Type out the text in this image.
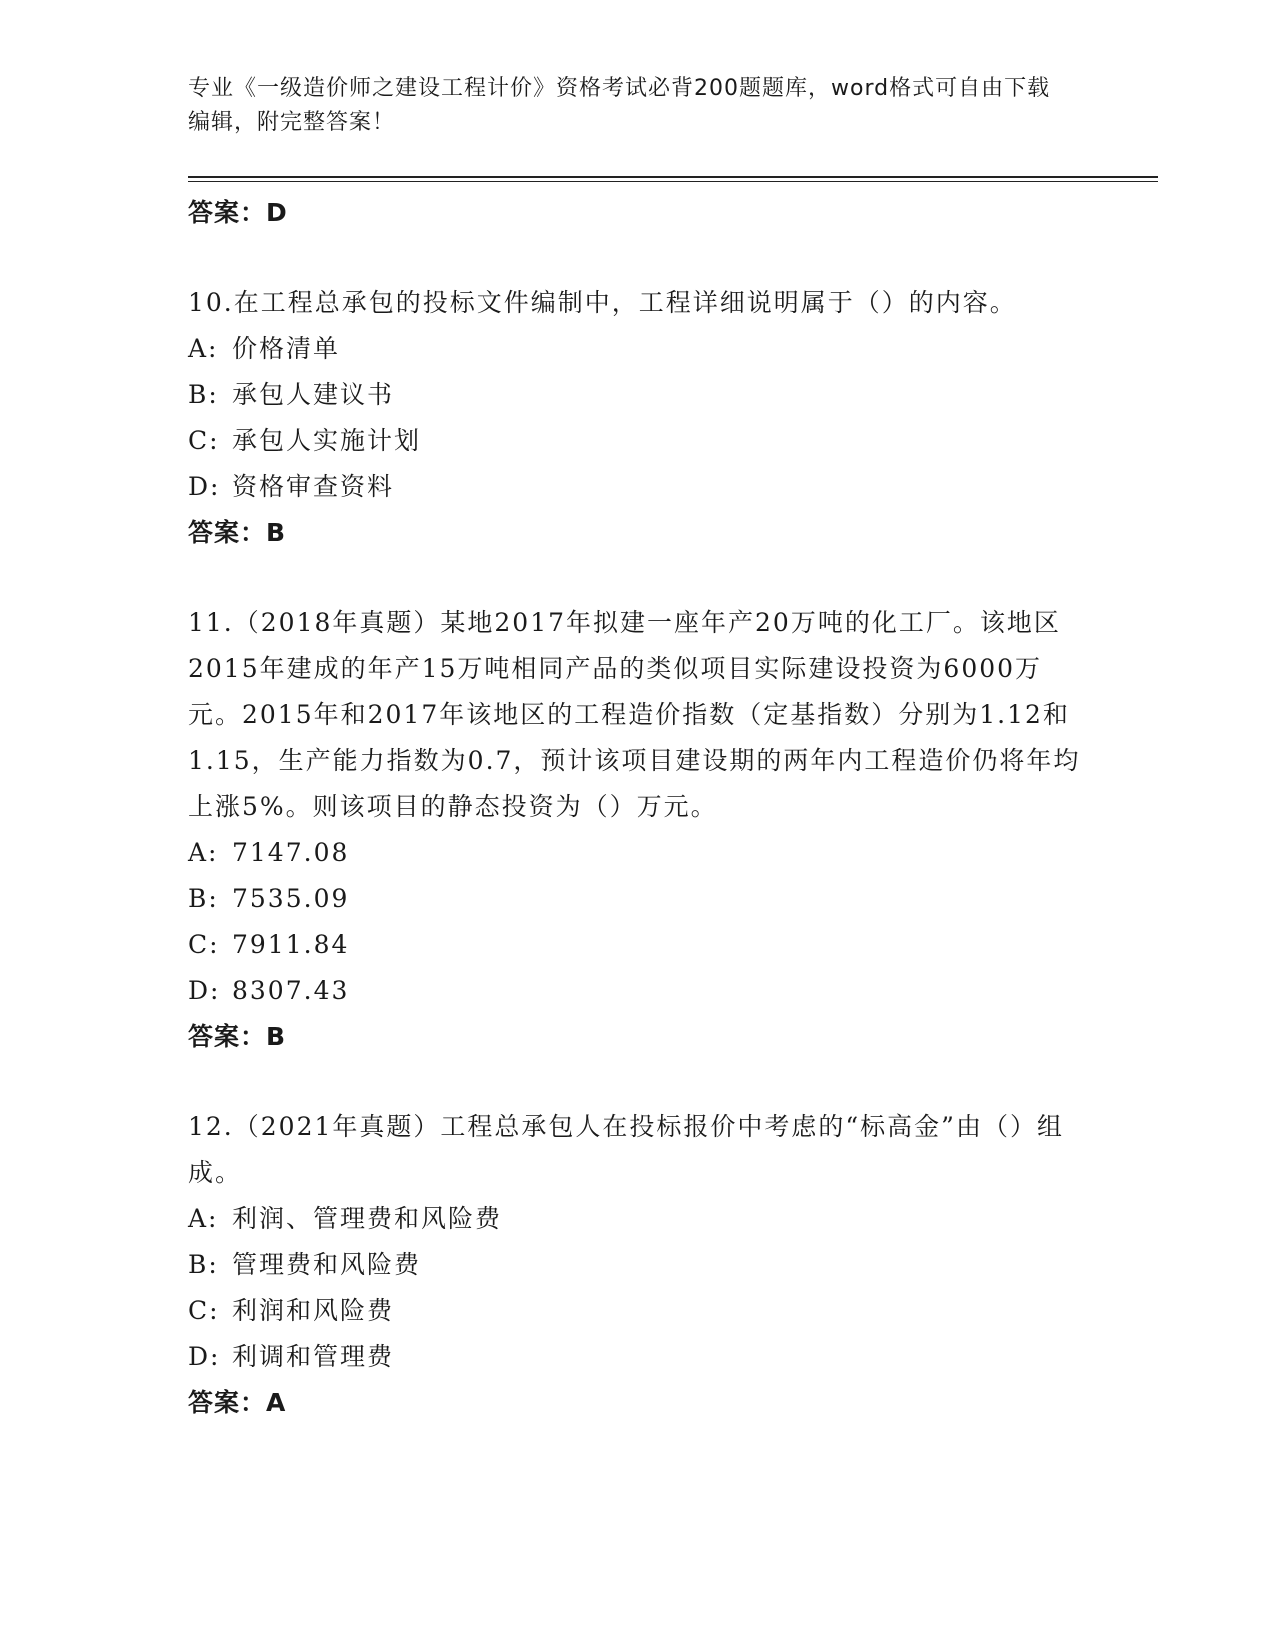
专业《一级造价师之建设工程计价》资格考试必背200题题库，word格式可自由下载编辑，附完整答案！

答案：D

10.在工程总承包的投标文件编制中，工程详细说明属于（）的内容。

A: 价格清单

B: 承包人建议书

C: 承包人实施计划

D: 资格审查资料

答案：B

11.（2018年真题）某地2017年拟建一座年产20万吨的化工厂。该地区2015年建成的年产15万吨相同产品的类似项目实际建设投资为6000万元。2015年和2017年该地区的工程造价指数（定基指数）分别为1.12和1.15，生产能力指数为0.7，预计该项目建设期的两年内工程造价仍将年均上涨5%。则该项目的静态投资为（）万元。

A: 7147.08

B: 7535.09

C: 7911.84

D: 8307.43

答案：B

12.（2021年真题）工程总承包人在投标报价中考虑的“标高金”由（）组成。

A: 利润、管理费和风险费

B: 管理费和风险费

C: 利润和风险费

D: 利调和管理费

答案：A
